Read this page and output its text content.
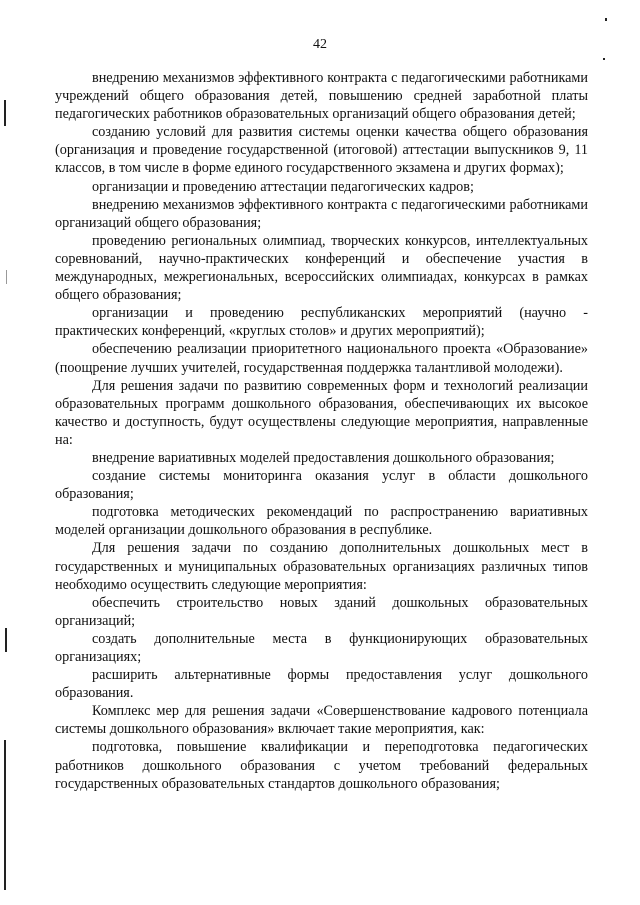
42

внедрению механизмов эффективного контракта с педагогическими работниками учреждений общего образования детей, повышению средней заработной платы педагогических работников образовательных организаций общего образования детей;

созданию условий для развития системы оценки качества общего образования (организация и проведение государственной (итоговой) аттестации выпускников 9, 11 классов, в том числе в форме единого государственного экзамена и других формах);

организации и проведению аттестации педагогических кадров;

внедрению механизмов эффективного контракта с педагогическими работниками организаций общего образования;

проведению региональных олимпиад, творческих конкурсов, интеллектуальных соревнований, научно-практических конференций и обеспечение участия в международных, межрегиональных, всероссийских олимпиадах, конкурсах в рамках общего образования;

организации и проведению республиканских мероприятий (научно - практических конференций, «круглых столов» и других мероприятий);

обеспечению реализации приоритетного национального проекта «Образование» (поощрение лучших учителей, государственная поддержка талантливой молодежи).

Для решения задачи по развитию современных форм и технологий реализации образовательных программ дошкольного образования, обеспечивающих их высокое качество и доступность, будут осуществлены следующие мероприятия, направленные на:

внедрение вариативных моделей предоставления дошкольного образования;

создание системы мониторинга оказания услуг в области дошкольного образования;

подготовка методических рекомендаций по распространению вариативных моделей организации дошкольного образования в республике.

Для решения задачи по созданию дополнительных дошкольных мест в государственных и муниципальных образовательных организациях различных типов необходимо осуществить следующие мероприятия:

обеспечить строительство новых зданий дошкольных образовательных организаций;

создать дополнительные места в функционирующих образовательных организациях;

расширить альтернативные формы предоставления услуг дошкольного образования.

Комплекс мер для решения задачи «Совершенствование кадрового потенциала системы дошкольного образования» включает такие мероприятия, как:

подготовка, повышение квалификации и переподготовка педагогических работников дошкольного образования с учетом требований федеральных государственных образовательных стандартов дошкольного образования;
